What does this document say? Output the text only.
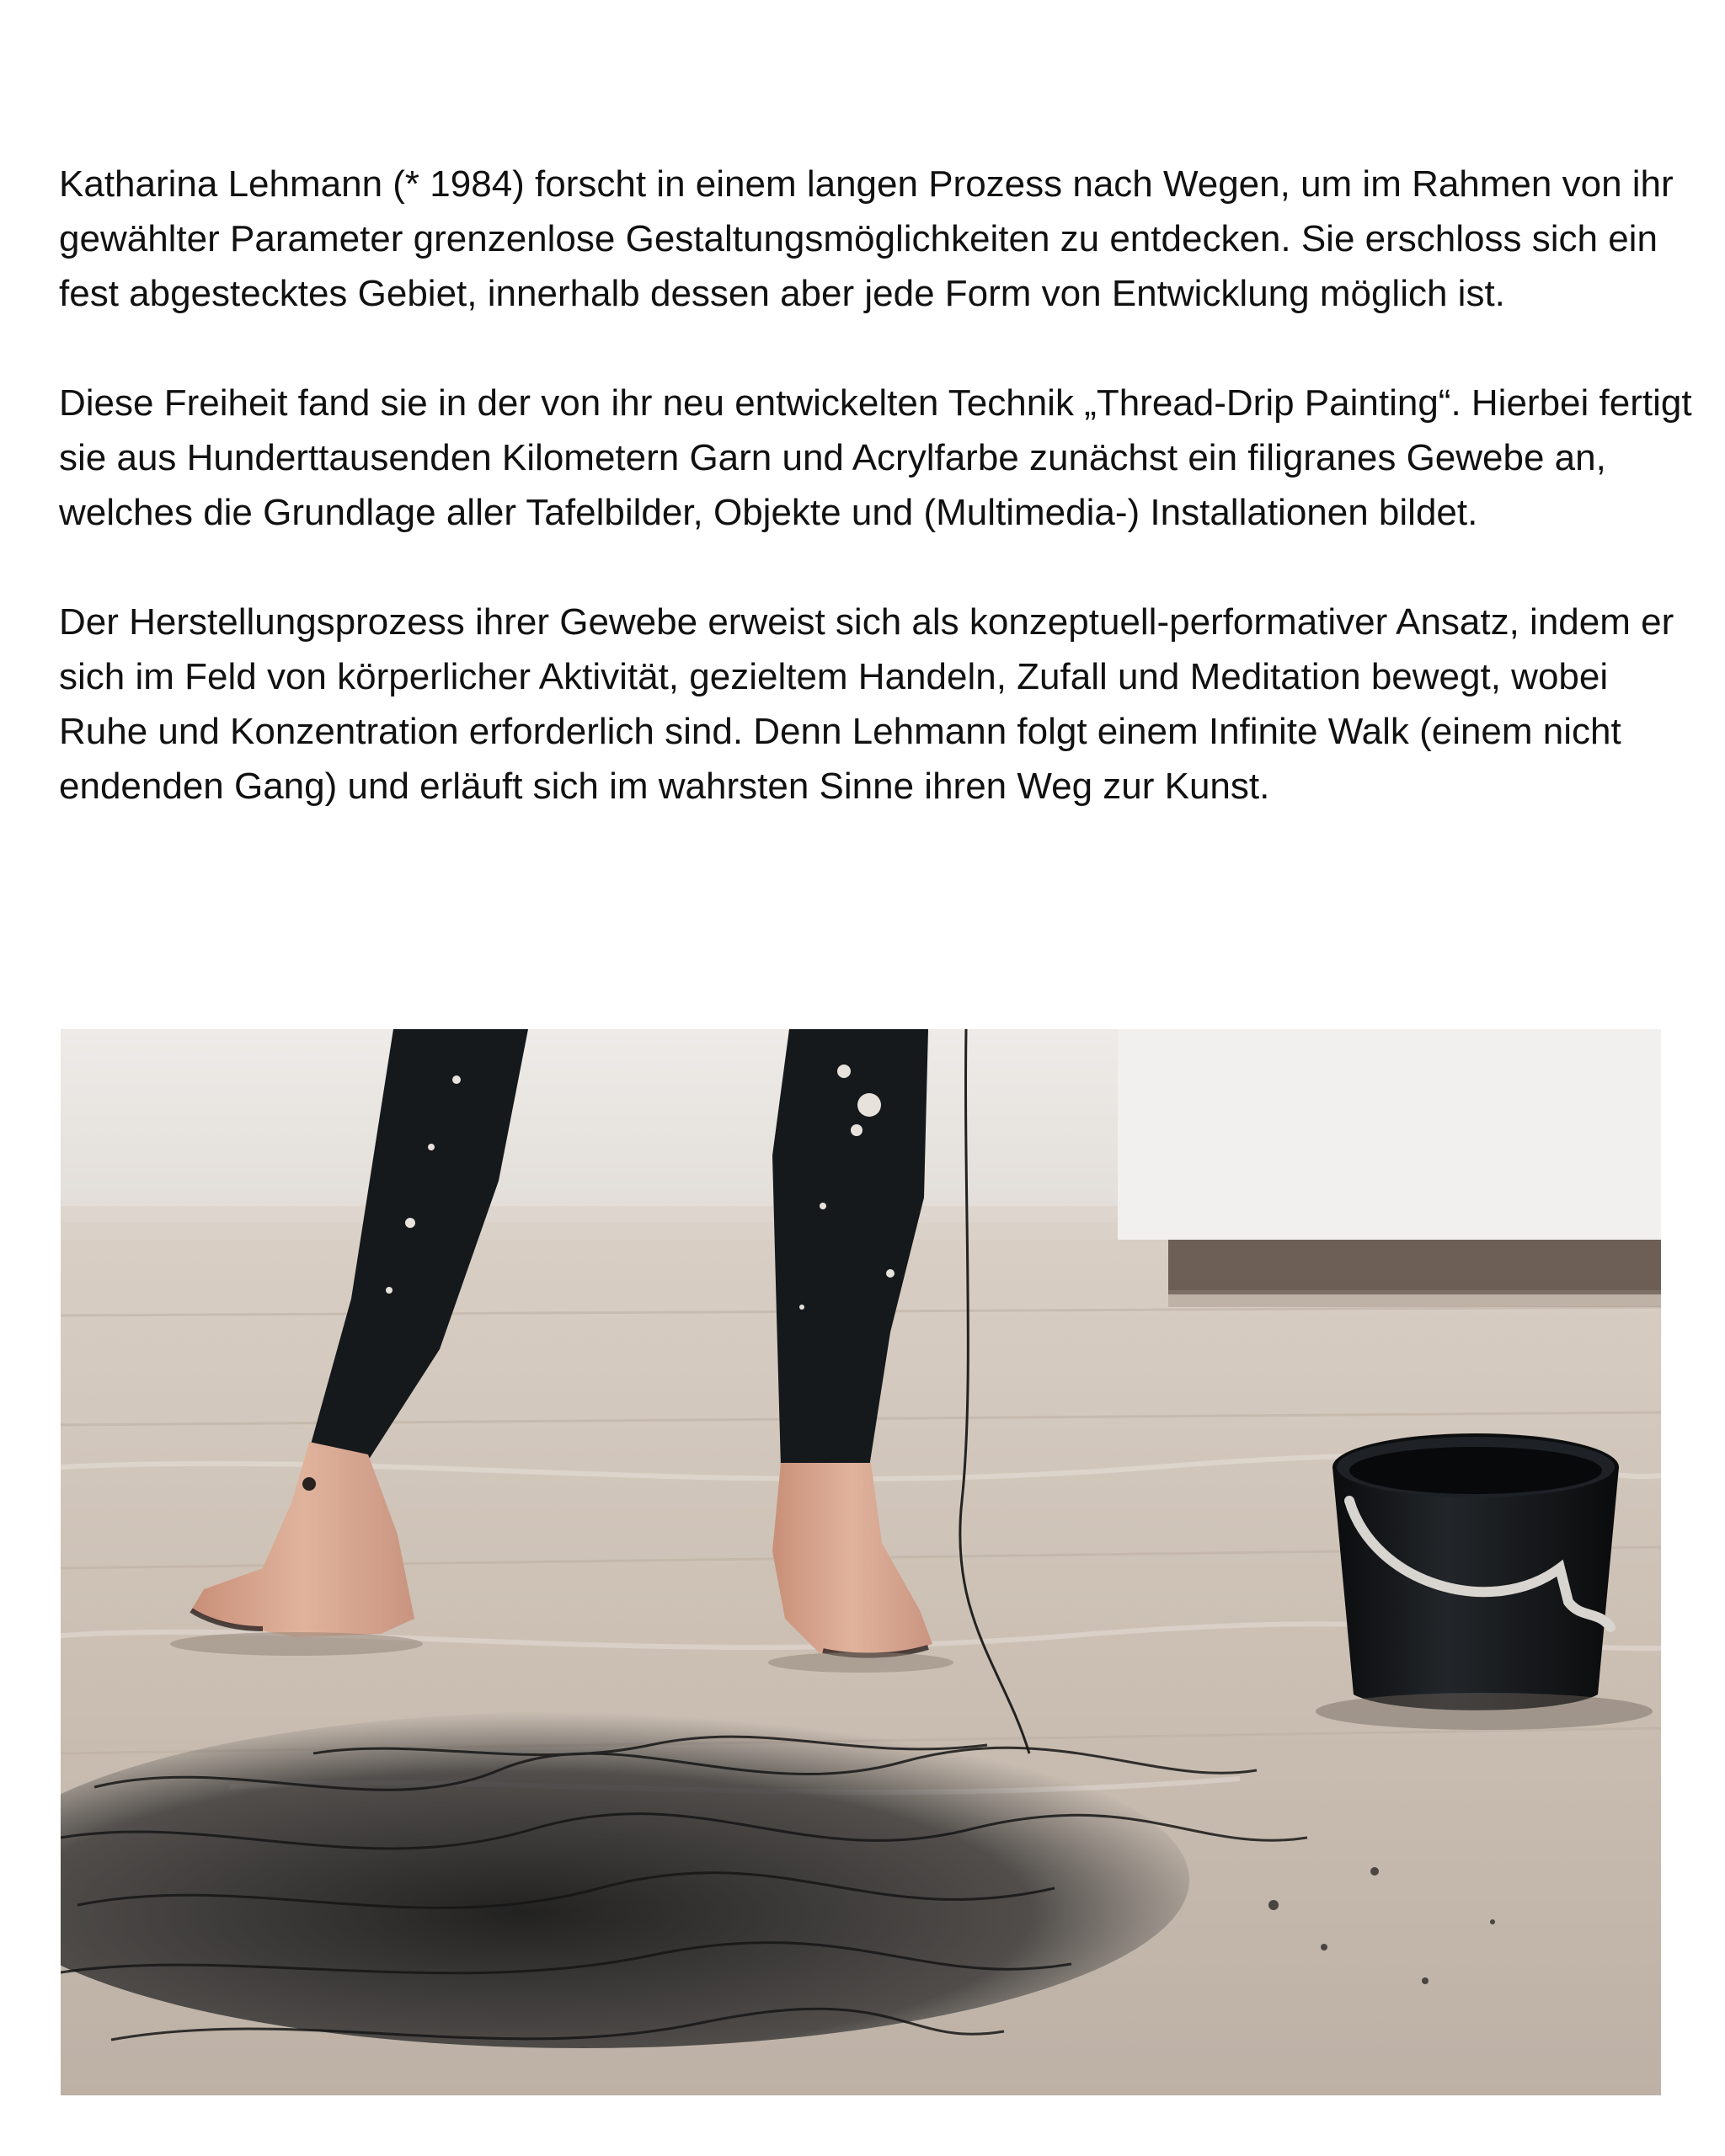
Katharina Lehmann (* 1984) forscht in einem langen Prozess nach Wegen, um im Rahmen von ihr gewählter Parameter grenzenlose Gestaltungsmöglichkeiten zu entdecken. Sie erschloss sich ein fest abgestecktes Gebiet, innerhalb dessen aber jede Form von Entwicklung möglich ist.

Diese Freiheit fand sie in der von ihr neu entwickelten Technik „Thread-Drip Painting“. Hierbei fertigt sie aus Hunderttausenden Kilometern Garn und Acrylfarbe zunächst ein filigranes Gewebe an, welches die Grundlage aller Tafelbilder, Objekte und (Multimedia-) Installationen bildet.

Der Herstellungsprozess ihrer Gewebe erweist sich als konzeptuell-performativer Ansatz, indem er sich im Feld von körperlicher Aktivität, gezieltem Handeln, Zufall und Meditation bewegt, wobei Ruhe und Konzentration erforderlich sind. Denn Lehmann folgt einem Infinite Walk (einem nicht endenden Gang) und erläuft sich im wahrsten Sinne ihren Weg zur Kunst.
